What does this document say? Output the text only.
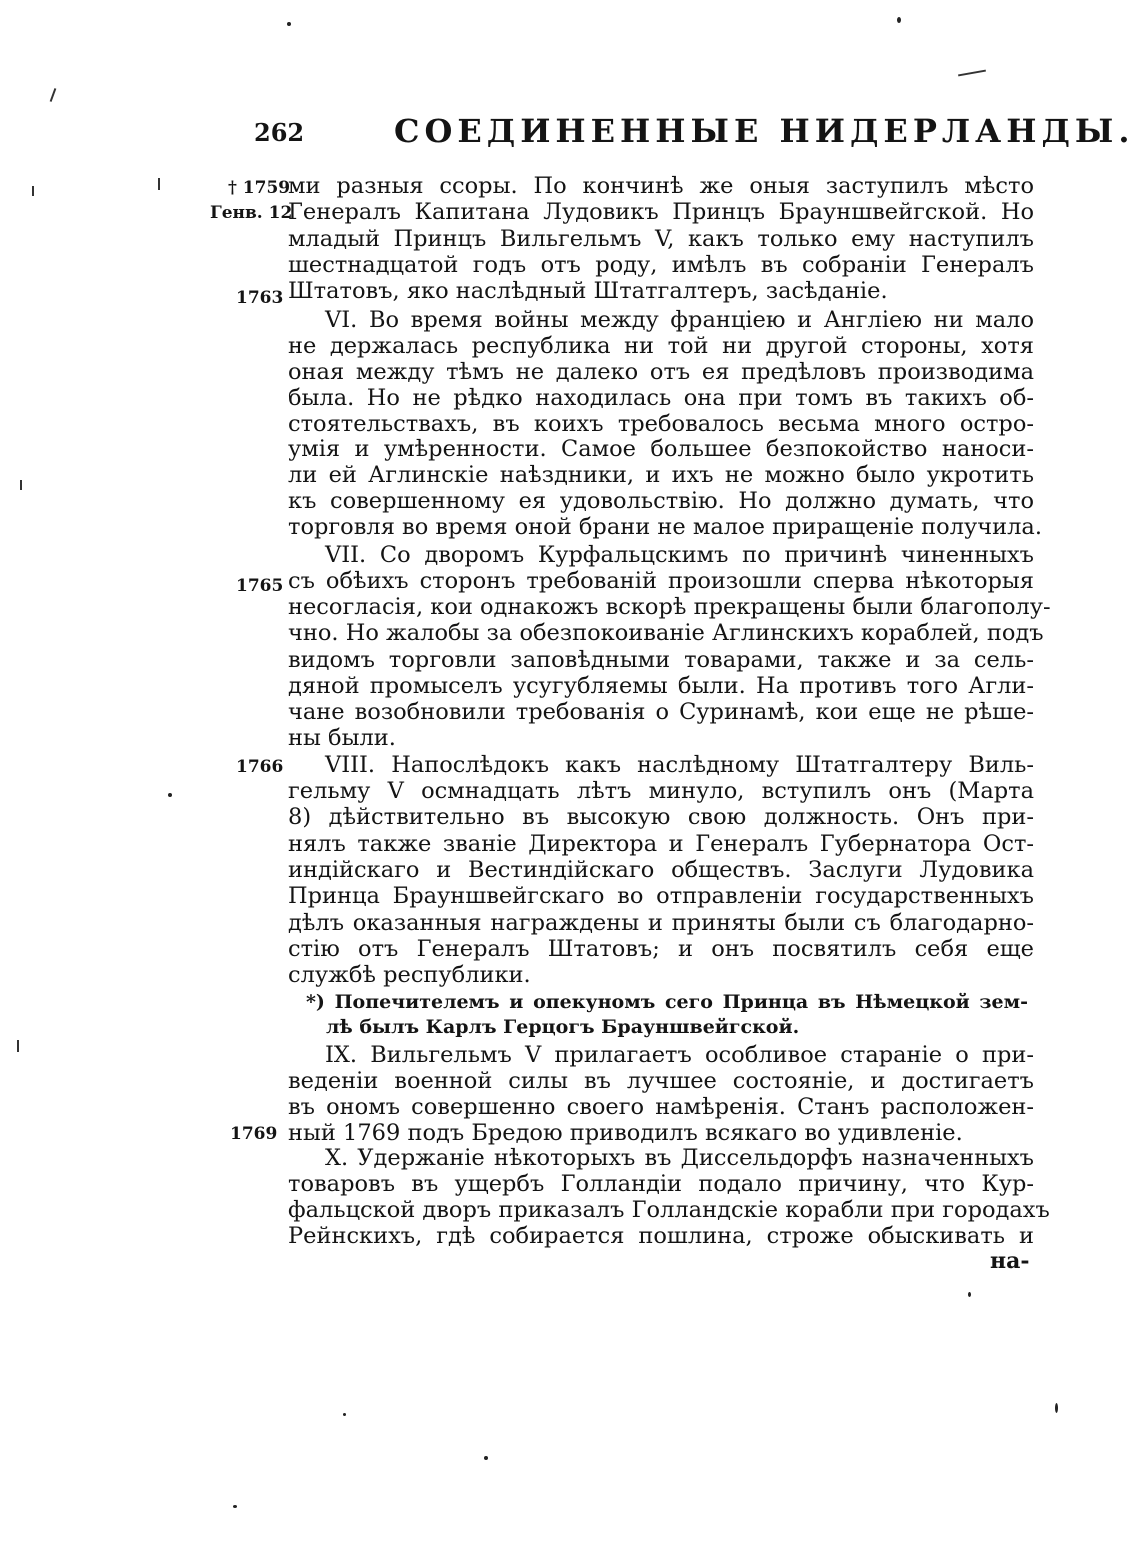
262	СОЕДИНЕННЫЕ НИДЕРЛАНДЫ.
† 1759
Генв. 12
1763
1765
1766
1769
ми разныя ссоры. По кончинѣ же оныя заступилъ мѣсто
Генералъ Капитана Лудовикъ Принцъ Брауншвейгской. Но
младый Принцъ Вильгельмъ V, какъ только ему наступилъ
шестнадцатой годъ отъ роду, имѣлъ въ собранiи Генералъ
Штатовъ, яко наслѣдный Штатгалтеръ, засѣданiе.
VI. Во время войны между францiею и Англiею ни мало
не держалась республика ни той ни другой стороны, хотя
оная между тѣмъ не далеко отъ ея предѣловъ производима
была. Но не рѣдко находилась она при томъ въ такихъ об-
стоятельствахъ, въ коихъ требовалось весьма много остро-
умiя и умѣренности. Самое большее безпокойство наноси-
ли ей Аглинскiе наѣздники, и ихъ не можно было укротить
къ совершенному ея удовольствiю. Но должно думать, что
торговля во время оной брани не малое приращенiе получила.
VII. Со дворомъ Курфальцскимъ по причинѣ чиненныхъ
съ обѣихъ сторонъ требованiй произошли сперва нѣкоторыя
несогласiя, кои однакожъ вскорѣ прекращены были благополу-
чно. Но жалобы за обезпокоиванiе Аглинскихъ кораблей, подъ
видомъ торговли заповѣдными товарами, также и за сель-
дяной промыселъ усугубляемы были. На противъ того Агли-
чане возобновили требованiя о Суринамѣ, кои еще не рѣше-
ны были.
VIII. Напослѣдокъ какъ наслѣдному Штатгалтеру Виль-
гельму V осмнадцать лѣтъ минуло, вступилъ онъ (Марта
8) дѣйствительно въ высокую свою должность. Онъ при-
нялъ также званiе Директора и Генералъ Губернатора Ост-
индiйскаго и Вестиндiйскаго обществъ. Заслуги Лудовика
Принца Брауншвейгскаго во отправленiи государственныхъ
дѣлъ оказанныя награждены и приняты были съ благодарно-
стiю отъ Генералъ Штатовъ; и онъ посвятилъ себя еще
службѣ республики.
*) Попечителемъ и опекуномъ сего Принца въ Нѣмецкой зем-
лѣ былъ Карлъ Герцогъ Брауншвейгской.
IX. Вильгельмъ V прилагаетъ особливое старанiе о при-
веденiи военной силы въ лучшее состоянiе, и достигаетъ
въ ономъ совершенно своего намѣренiя. Станъ расположен-
ный 1769 подъ Бредою приводилъ всякаго во удивленiе.
X. Удержанiе нѣкоторыхъ въ Диссельдорфъ назначенныхъ
товаровъ въ ущербъ Голландiи подало причину, что Кур-
фальцской дворъ приказалъ Голландскiе корабли при городахъ
Рейнскихъ, гдѣ собирается пошлина, строже обыскивать и
на-
